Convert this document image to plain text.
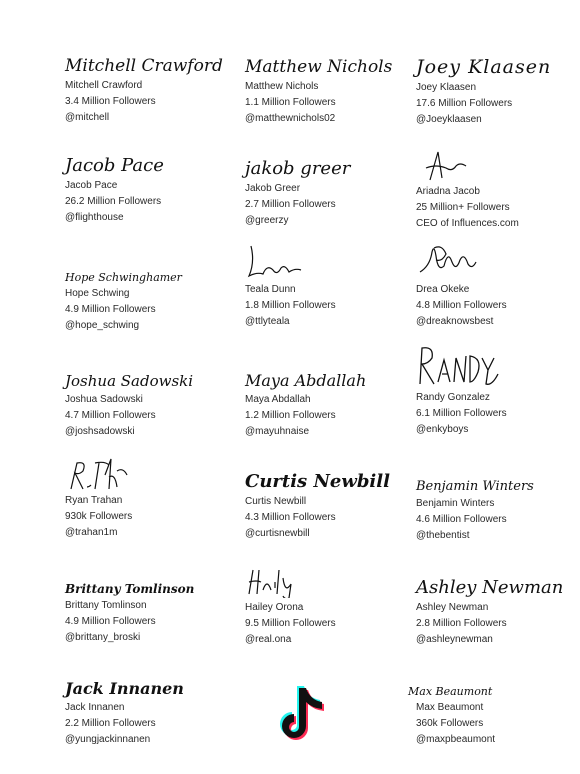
Mitchell Crawford
Mitchell Crawford
3.4 Million Followers
@mitchell
Matthew Nichols
Matthew Nichols
1.1 Million Followers
@matthewnichols02
Joey Klaasen
Joey Klaasen
17.6 Million Followers
@Joeyklaasen
Jacob Pace
Jacob Pace
26.2 Million Followers
@flighthouse
jakob greer
Jakob Greer
2.7 Million Followers
@greerzy
Ariadna Jacob
25 Million+ Followers
CEO of Influences.com
Hope Schwinghamer
Hope Schwing
4.9 Million Followers
@hope_schwing
Teala Dunn
1.8 Million Followers
@ttlyteala
Drea Okeke
4.8 Million Followers
@dreaknowsbest
Joshua Sadowski
Joshua Sadowski
4.7 Million Followers
@joshsadowski
Maya Abdallah
Maya Abdallah
1.2 Million Followers
@mayuhnaise
Randy Gonzalez
6.1 Million Followers
@enkyboys
Ryan Trahan
930k Followers
@trahan1m
Curtis Newbill
Curtis Newbill
4.3 Million Followers
@curtisnewbill
Benjamin Winters
Benjamin Winters
4.6 Million Followers
@thebentist
Brittany Tomlinson
Brittany Tomlinson
4.9 Million Followers
@brittany_broski
Hailey Orona
9.5 Million Followers
@real.ona
Ashley Newman
Ashley Newman
2.8 Million Followers
@ashleynewman
Jack Innanen
Jack Innanen
2.2 Million Followers
@yungjackinnanen
Max Beaumont
Max Beaumont
360k Followers
@maxpbeaumont
